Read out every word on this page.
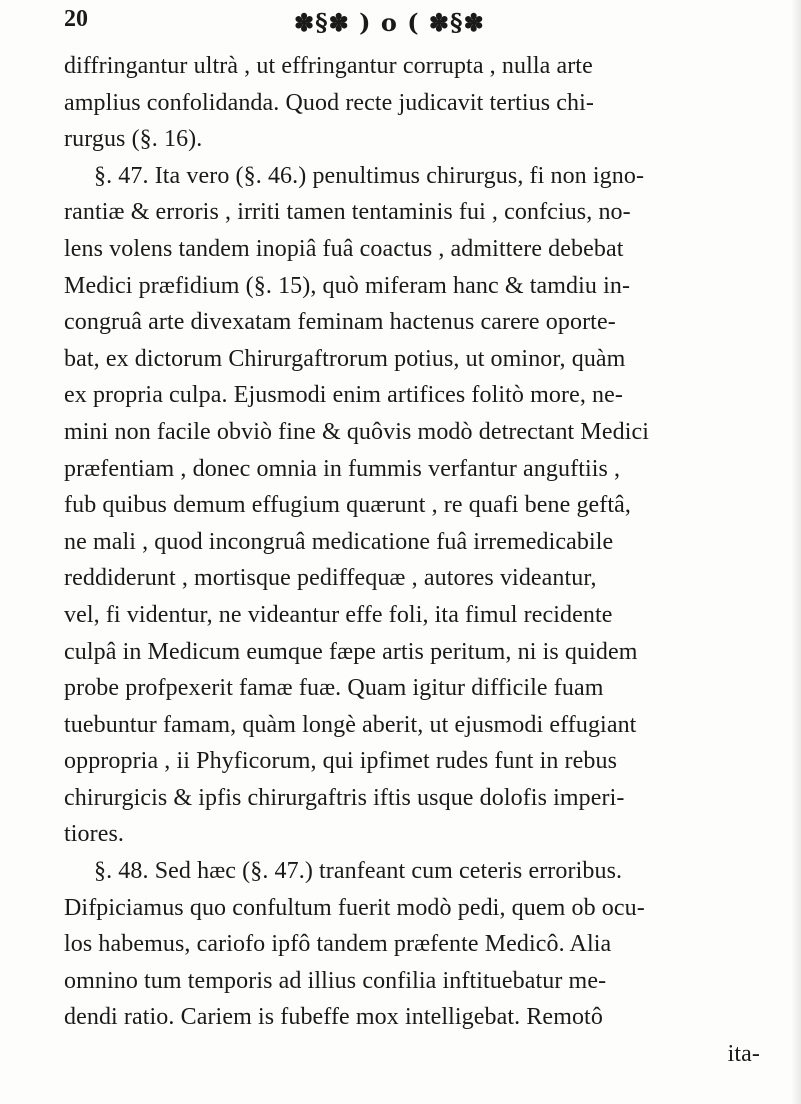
20	✽§✽ ) o ( ✽§✽
diffringantur ultrà , ut effringantur corrupta , nulla arte
amplius confolidanda. Quod recte judicavit tertius chi-
rurgus (§. 16).
§. 47. Ita vero (§. 46.) penultimus chirurgus, fi non igno-
rantiæ & erroris , irriti tamen tentaminis fui , confcius, no-
lens volens tandem inopiâ fuâ coactus , admittere debebat
Medici præfidium (§. 15), quò miferam hanc & tamdiu in-
congruâ arte divexatam feminam hactenus carere oporte-
bat, ex dictorum Chirurgaftrorum potius, ut ominor, quàm
ex propria culpa. Ejusmodi enim artifices folitò more, ne-
mini non facile obviò fine & quôvis modò detrectant Medici
præfentiam , donec omnia in fummis verfantur anguftiis ,
fub quibus demum effugium quærunt , re quafi bene geftâ,
ne mali , quod incongruâ medicatione fuâ irremedicabile
reddiderunt , mortisque pediffequæ , autores videantur,
vel, fi videntur, ne videantur effe foli, ita fimul recidente
culpâ in Medicum eumque fæpe artis peritum, ni is quidem
probe profpexerit famæ fuæ. Quam igitur difficile fuam
tuebuntur famam, quàm longè aberit, ut ejusmodi effugiant
oppropria , ii Phyficorum, qui ipfimet rudes funt in rebus
chirurgicis & ipfis chirurgaftris iftis usque dolofis imperi-
tiores.
§. 48. Sed hæc (§. 47.) tranfeant cum ceteris erroribus.
Difpiciamus quo confultum fuerit modò pedi, quem ob ocu-
los habemus, cariofo ipfô tandem præfente Medicô. Alia
omnino tum temporis ad illius confilia inftituebatur me-
dendi ratio. Cariem is fubeffe mox intelligebat. Remotô
ita-
